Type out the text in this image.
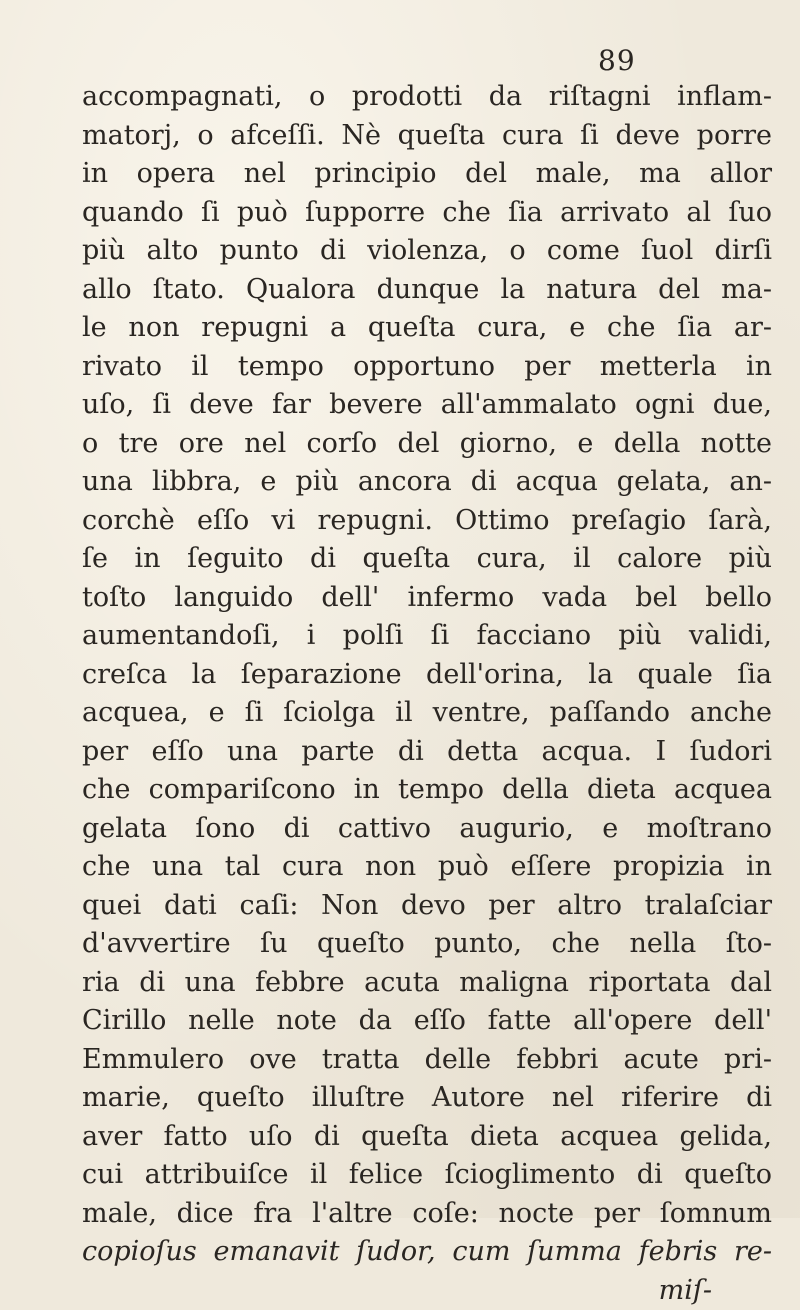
89
accompagnati, o prodotti da riſtagni inflam-
matorj, o afceſſi. Nè queſta cura ſi deve porre
in opera nel principio del male, ma allor
quando ſi può ſupporre che ſia arrivato al ſuo
più alto punto di violenza, o come ſuol dirſi
allo ſtato. Qualora dunque la natura del ma-
le non repugni a queſta cura, e che ſia ar-
rivato il tempo opportuno per metterla in
uſo, ſi deve far bevere all'ammalato ogni due,
o tre ore nel corſo del giorno, e della notte
una libbra, e più ancora di acqua gelata, an-
corchè eſſo vi repugni. Ottimo preſagio ſarà,
ſe in ſeguito di queſta cura, il calore più
toſto languido dell' infermo vada bel bello
aumentandoſi, i polſi ſi facciano più validi,
creſca la ſeparazione dell'orina, la quale ſia
acquea, e ſi ſciolga il ventre, paſſando anche
per eſſo una parte di detta acqua. I ſudori
che compariſcono in tempo della dieta acquea
gelata ſono di cattivo augurio, e moſtrano
che una tal cura non può eſſere propizia in
quei dati caſi: Non devo per altro tralaſciar
d'avvertire ſu queſto punto, che nella ſto-
ria di una febbre acuta maligna riportata dal
Cirillo nelle note da eſſo fatte all'opere dell'
Emmulero ove tratta delle febbri acute pri-
marie, queſto illuſtre Autore nel riferire di
aver fatto uſo di queſta dieta acquea gelida,
cui attribuiſce il felice ſcioglimento di queſto
male, dice fra l'altre coſe: noctе per ſomnum
copioſus emanavit ſudor, cum ſumma febris re-
miſ-
